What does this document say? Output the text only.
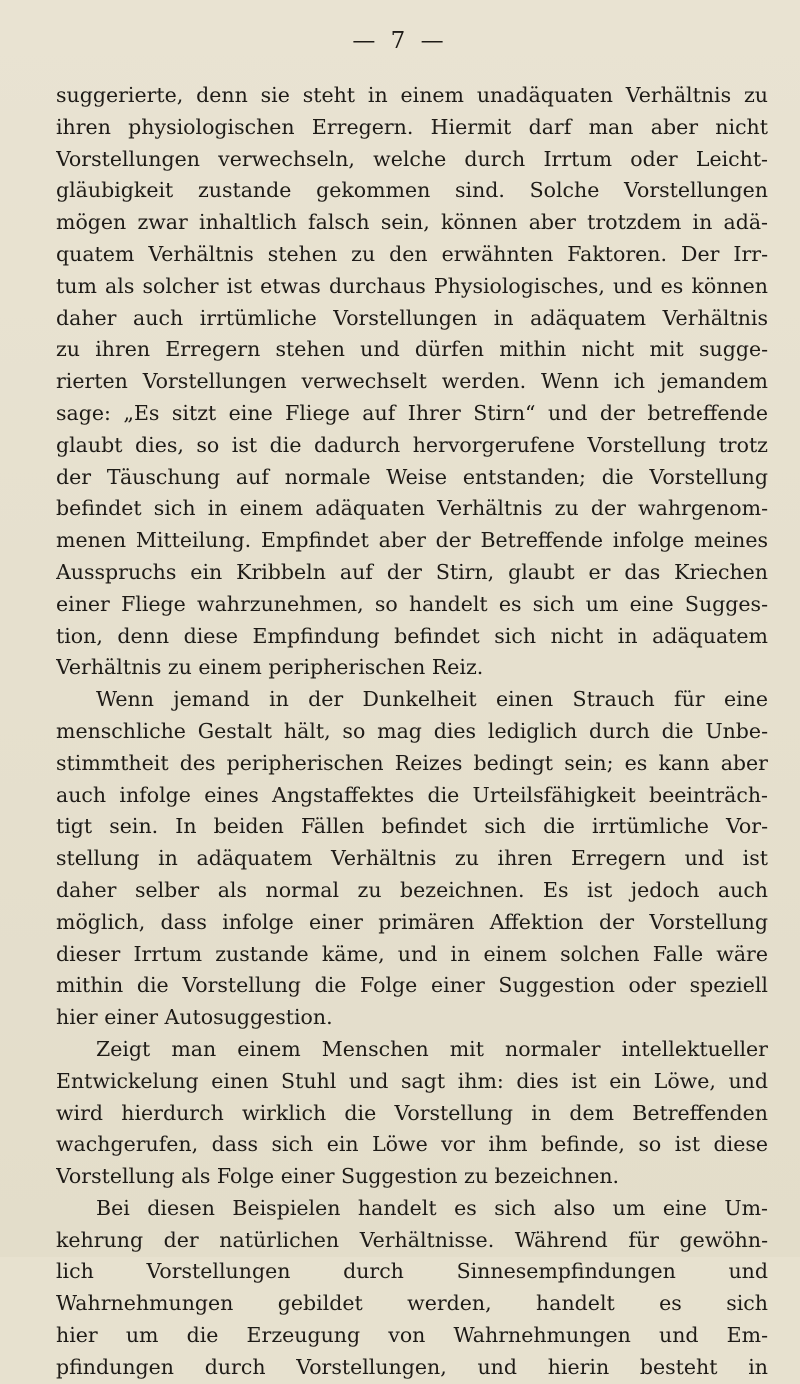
— 7 —
suggerierte, denn sie steht in einem unadäquaten Verhältnis zu
ihren physiologischen Erregern. Hiermit darf man aber nicht
Vorstellungen verwechseln, welche durch Irrtum oder Leicht-
gläubigkeit zustande gekommen sind. Solche Vorstellungen
mögen zwar inhaltlich falsch sein, können aber trotzdem in adä-
quatem Verhältnis stehen zu den erwähnten Faktoren. Der Irr-
tum als solcher ist etwas durchaus Physiologisches, und es können
daher auch irrtümliche Vorstellungen in adäquatem Verhältnis
zu ihren Erregern stehen und dürfen mithin nicht mit sugge-
rierten Vorstellungen verwechselt werden. Wenn ich jemandem
sage: „Es sitzt eine Fliege auf Ihrer Stirn“ und der betreffende
glaubt dies, so ist die dadurch hervorgerufene Vorstellung trotz
der Täuschung auf normale Weise entstanden; die Vorstellung
befindet sich in einem adäquaten Verhältnis zu der wahrgenom-
menen Mitteilung. Empfindet aber der Betreffende infolge meines
Ausspruchs ein Kribbeln auf der Stirn, glaubt er das Kriechen
einer Fliege wahrzunehmen, so handelt es sich um eine Sugges-
tion, denn diese Empfindung befindet sich nicht in adäquatem
Verhältnis zu einem peripherischen Reiz.
Wenn jemand in der Dunkelheit einen Strauch für eine
menschliche Gestalt hält, so mag dies lediglich durch die Unbe-
stimmtheit des peripherischen Reizes bedingt sein; es kann aber
auch infolge eines Angstaffektes die Urteilsfähigkeit beeinträch-
tigt sein. In beiden Fällen befindet sich die irrtümliche Vor-
stellung in adäquatem Verhältnis zu ihren Erregern und ist
daher selber als normal zu bezeichnen. Es ist jedoch auch
möglich, dass infolge einer primären Affektion der Vorstellung
dieser Irrtum zustande käme, und in einem solchen Falle wäre
mithin die Vorstellung die Folge einer Suggestion oder speziell
hier einer Autosuggestion.
Zeigt man einem Menschen mit normaler intellektueller
Entwickelung einen Stuhl und sagt ihm: dies ist ein Löwe, und
wird hierdurch wirklich die Vorstellung in dem Betreffenden
wachgerufen, dass sich ein Löwe vor ihm befinde, so ist diese
Vorstellung als Folge einer Suggestion zu bezeichnen.
Bei diesen Beispielen handelt es sich also um eine Um-
kehrung der natürlichen Verhältnisse. Während für gewöhn-
lich Vorstellungen durch Sinnesempfindungen und
Wahrnehmungen gebildet werden, handelt es sich
hier um die Erzeugung von Wahrnehmungen und Em-
pfindungen durch Vorstellungen, und hierin besteht in
